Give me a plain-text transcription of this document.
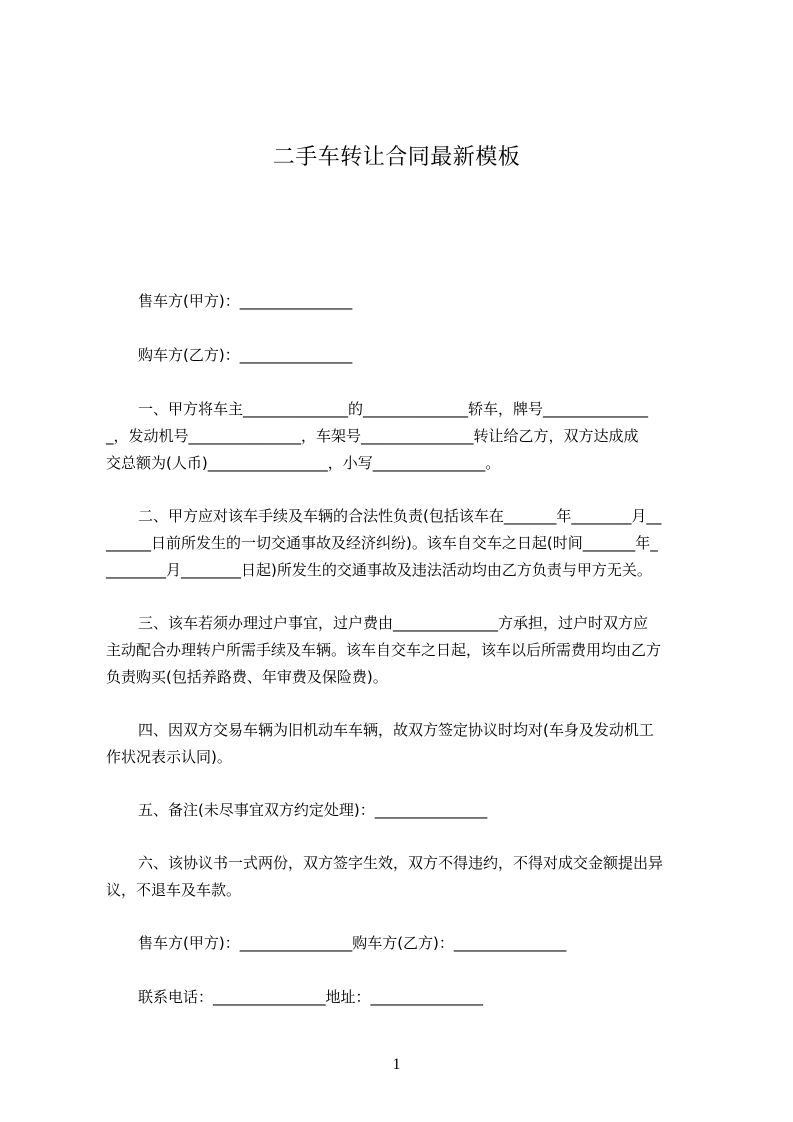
二手车转让合同最新模板
售车方(甲方)：_______________
购车方(乙方)：_______________
一、甲方将车主______________的______________轿车，牌号______________
_，发动机号_______________，车架号_______________转让给乙方，双方达成成
交总额为(人币)________________，小写_______________。
二、甲方应对该车手续及车辆的合法性负责(包括该车在_______年________月__
______日前所发生的一切交通事故及经济纠纷)。该车自交车之日起(时间_______年_
________月________日起)所发生的交通事故及违法活动均由乙方负责与甲方无关。
三、该车若须办理过户事宜，过户费由______________方承担，过户时双方应
主动配合办理转户所需手续及车辆。该车自交车之日起，该车以后所需费用均由乙方
负责购买(包括养路费、年审费及保险费)。
四、因双方交易车辆为旧机动车车辆，故双方签定协议时均对(车身及发动机工
作状况表示认同)。
五、备注(未尽事宜双方约定处理)：_______________
六、该协议书一式两份，双方签字生效，双方不得违约，不得对成交金额提出异
议，不退车及车款。
售车方(甲方)：_______________购车方(乙方)：_______________
联系电话：_______________地址：_______________
1
